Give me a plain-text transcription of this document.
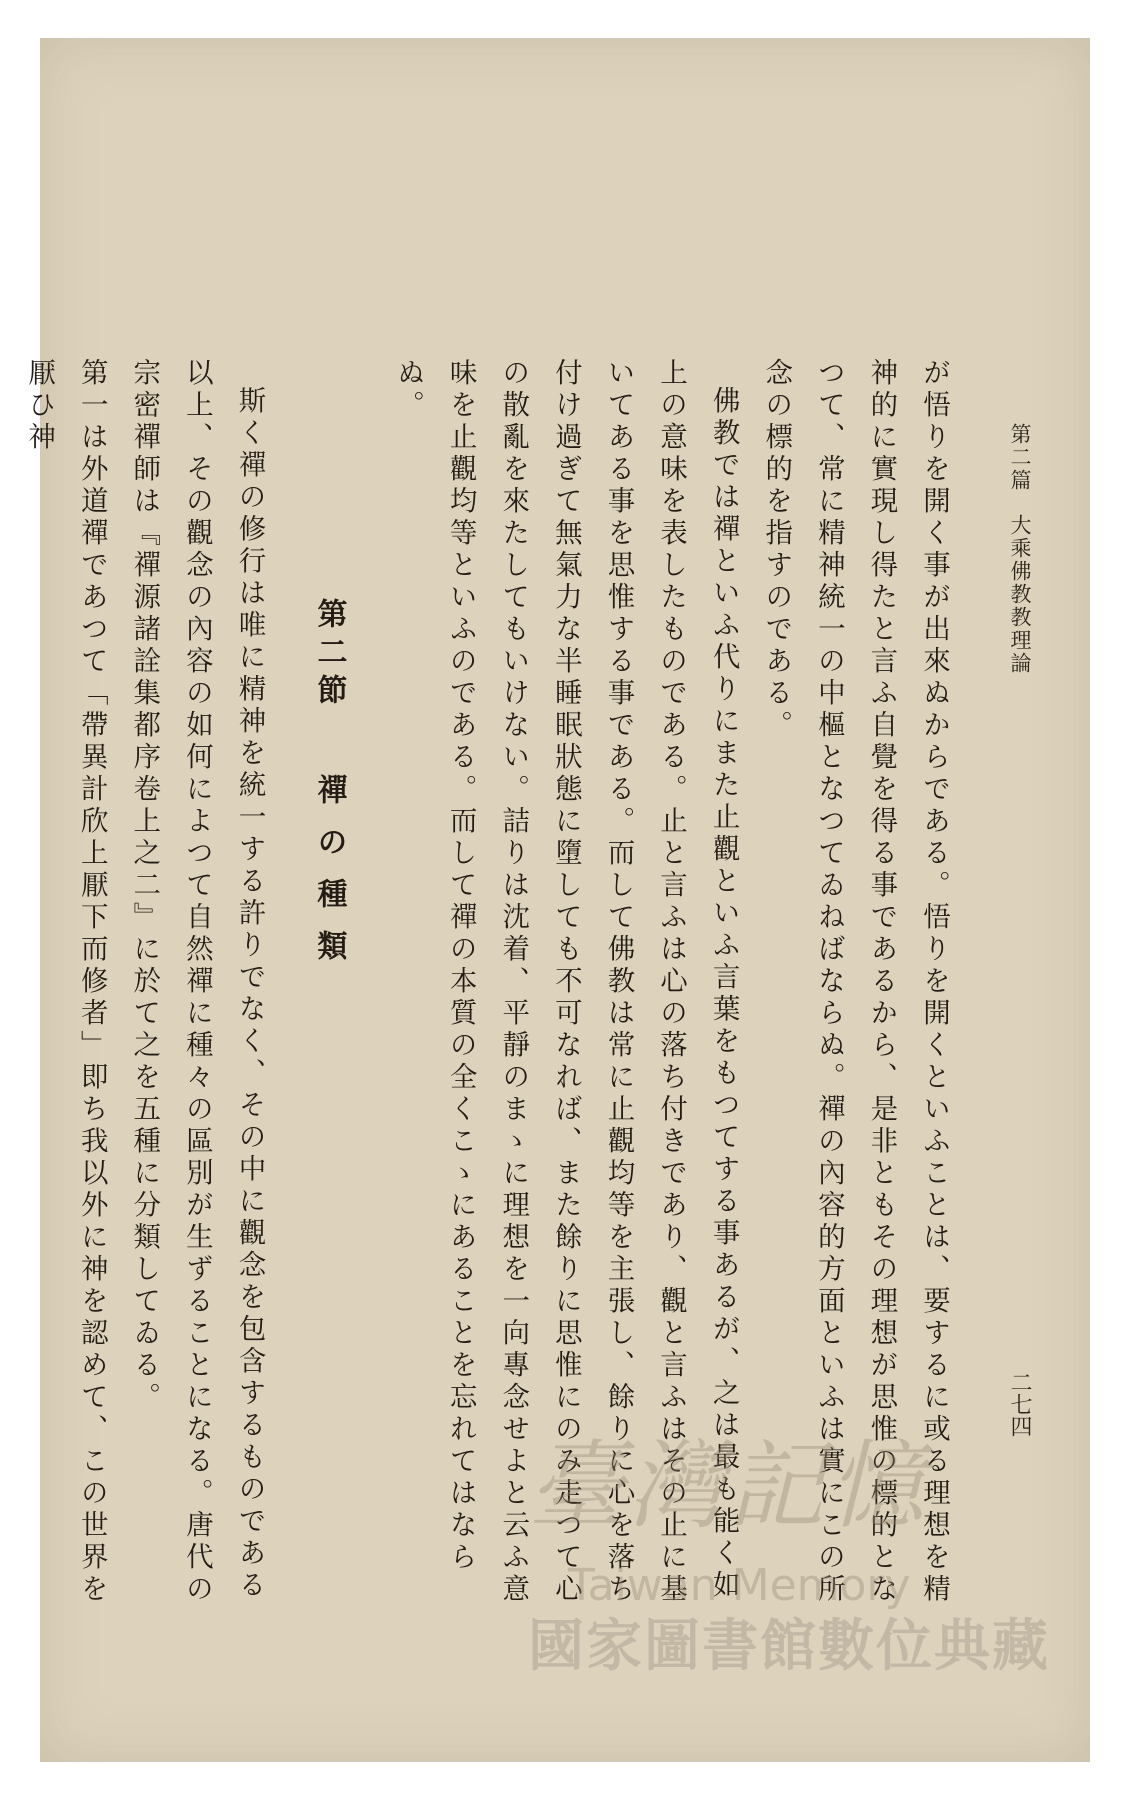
第二篇大乘佛教教理論
二七四

が悟りを開く事が出來ぬからである。悟りを開くといふことは、要するに或る理想を精神的に實現し得たと言ふ自覺を得る事であるから、是非ともその理想が思惟の標的となつて、常に精神統一の中樞となつてゐねばならぬ。禪の內容的方面といふは實にこの所念の標的を指すのである。

佛教では禪といふ代りにまた止觀といふ言葉をもつてする事あるが、之は最も能く如上の意味を表したものである。止と言ふは心の落ち付きであり、觀と言ふはその止に基いてある事を思惟する事である。而して佛教は常に止觀均等を主張し、餘りに心を落ち付け過ぎて無氣力な半睡眠狀態に墮しても不可なれば、また餘りに思惟にのみ走つて心の散亂を來たしてもいけない。詰りは沈着、平靜のまゝに理想を一向專念せよと云ふ意味を止觀均等といふのである。而して禪の本質の全くこゝにあることを忘れてはならぬ。

第二節 禪の種類

斯く禪の修行は唯に精神を統一する許りでなく、その中に觀念を包含するものである以上、その觀念の內容の如何によつて自然禪に種々の區別が生ずることになる。唐代の宗密禪師は『禪源諸詮集都序卷上之二』に於て之を五種に分類してゐる。

第一は外道禪であつて「帶異計欣上厭下而修者」即ち我以外に神を認めて、この世界を厭ひ神

臺灣記憶
Taiwan Memory
國家圖書館數位典藏
